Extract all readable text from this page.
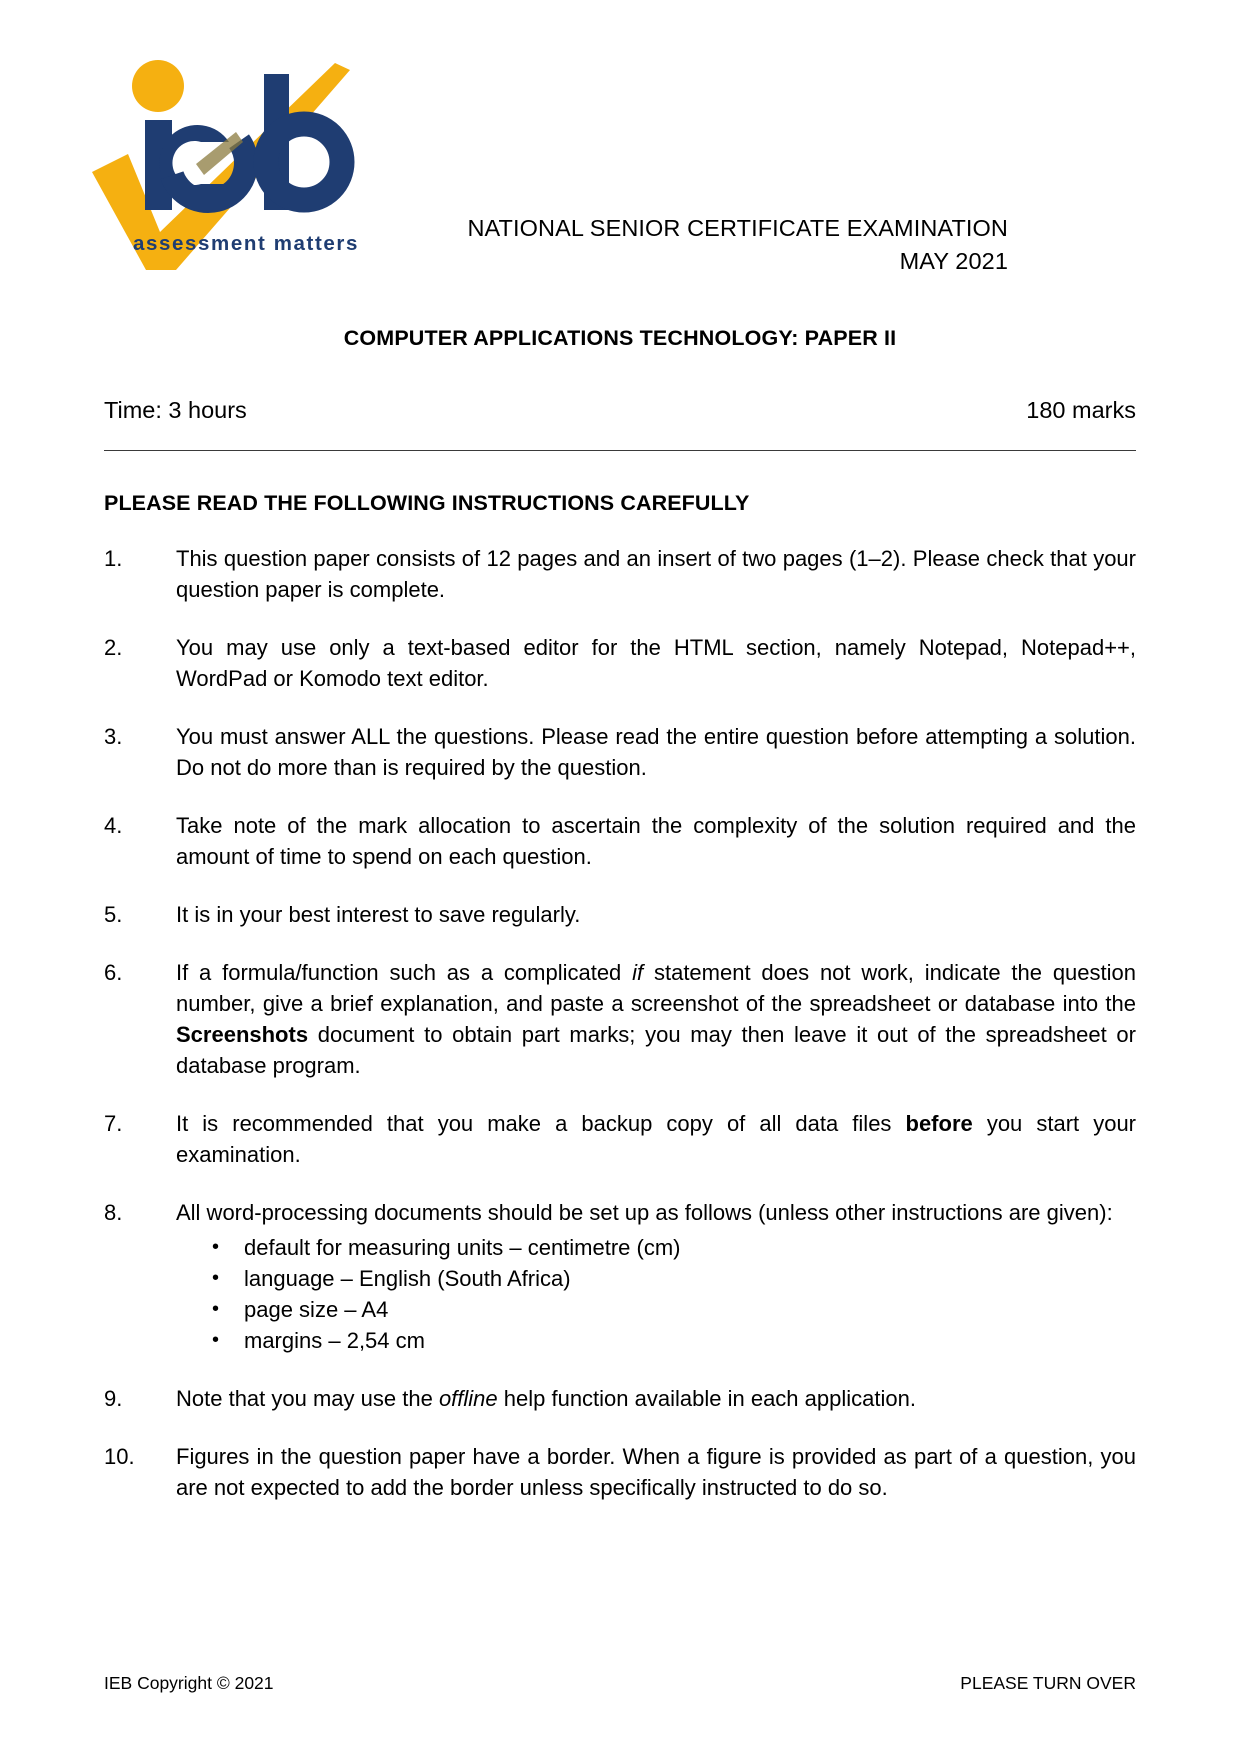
assessment matters
NATIONAL SENIOR CERTIFICATE EXAMINATION
MAY 2021
COMPUTER APPLICATIONS TECHNOLOGY: PAPER II
Time: 3 hours	180 marks
PLEASE READ THE FOLLOWING INSTRUCTIONS CAREFULLY
1.	This question paper consists of 12 pages and an insert of two pages (1–2). Please check that your question paper is complete.
2.	You may use only a text-based editor for the HTML section, namely Notepad, Notepad++, WordPad or Komodo text editor.
3.	You must answer ALL the questions. Please read the entire question before attempting a solution. Do not do more than is required by the question.
4.	Take note of the mark allocation to ascertain the complexity of the solution required and the amount of time to spend on each question.
5.	It is in your best interest to save regularly.
6.	If a formula/function such as a complicated if statement does not work, indicate the question number, give a brief explanation, and paste a screenshot of the spreadsheet or database into the Screenshots document to obtain part marks; you may then leave it out of the spreadsheet or database program.
7.	It is recommended that you make a backup copy of all data files before you start your examination.
8.	All word-processing documents should be set up as follows (unless other instructions are given):
•	default for measuring units – centimetre (cm)
•	language – English (South Africa)
•	page size – A4
•	margins – 2,54 cm
9.	Note that you may use the offline help function available in each application.
10.	Figures in the question paper have a border. When a figure is provided as part of a question, you are not expected to add the border unless specifically instructed to do so.
IEB Copyright © 2021	PLEASE TURN OVER
